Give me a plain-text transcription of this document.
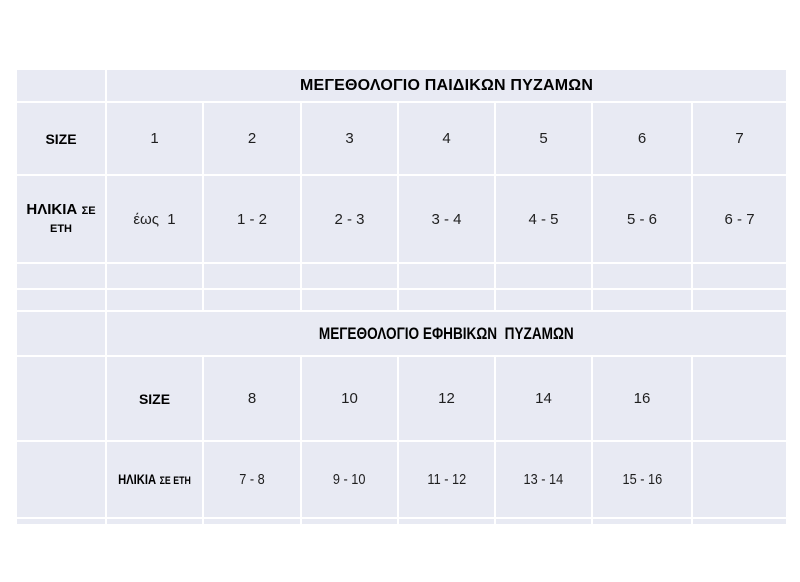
	ΜΕΓΕΘΟΛΟΓΙΟ ΠΑΙΔΙΚΩΝ ΠΥΖΑΜΩΝ						
SIZE	1	2	3	4	5	6	7
ΗΛΙΚΙΑ ΣΕ ΕΤΗ	έως  1	1 - 2	2 - 3	3 - 4	4 - 5	5 - 6	6 - 7

	ΜΕΓΕΘΟΛΟΓΙΟ ΕΦΗΒΙΚΩΝ  ΠΥΖΑΜΩΝ						
	SIZE	8	10	12	14	16	
	ΗΛΙΚΙΑ ΣΕ ΕΤΗ	7 - 8	9 - 10	11 - 12	13 - 14	15 - 16	
